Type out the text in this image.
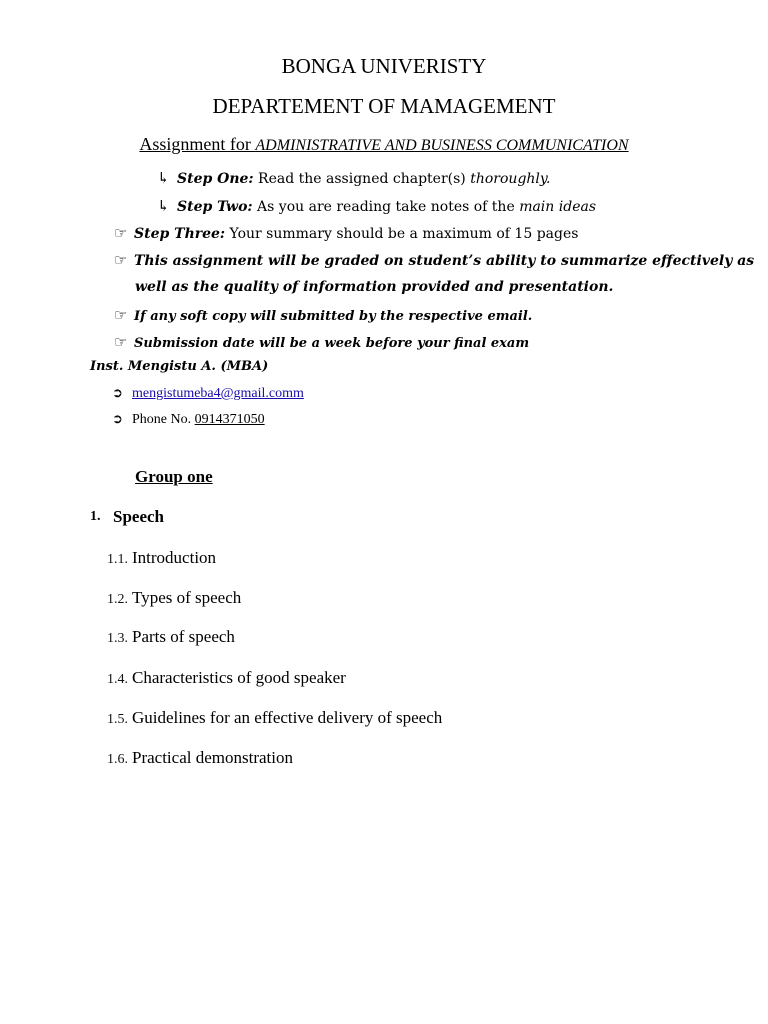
BONGA UNIVERISTY
DEPARTEMENT OF MAMAGEMENT
Assignment for ADMINISTRATIVE AND BUSINESS COMMUNICATION
↳ Step One: Read the assigned chapter(s) thoroughly.
↳ Step Two: As you are reading take notes of the main ideas
☞ Step Three: Your summary should be a maximum of 15 pages
☞ This assignment will be graded on student’s ability to summarize effectively as
well as the quality of information provided and presentation.
☞ If any soft copy will submitted by the respective email.
☞ Submission date will be a week before your final exam
Inst. Mengistu A. (MBA)
➲ mengistumeba4@gmail.comm
➲ Phone No. 0914371050
Group one
1. Speech
1.1. Introduction
1.2. Types of speech
1.3. Parts of speech
1.4. Characteristics of good speaker
1.5. Guidelines for an effective delivery of speech
1.6. Practical demonstration
